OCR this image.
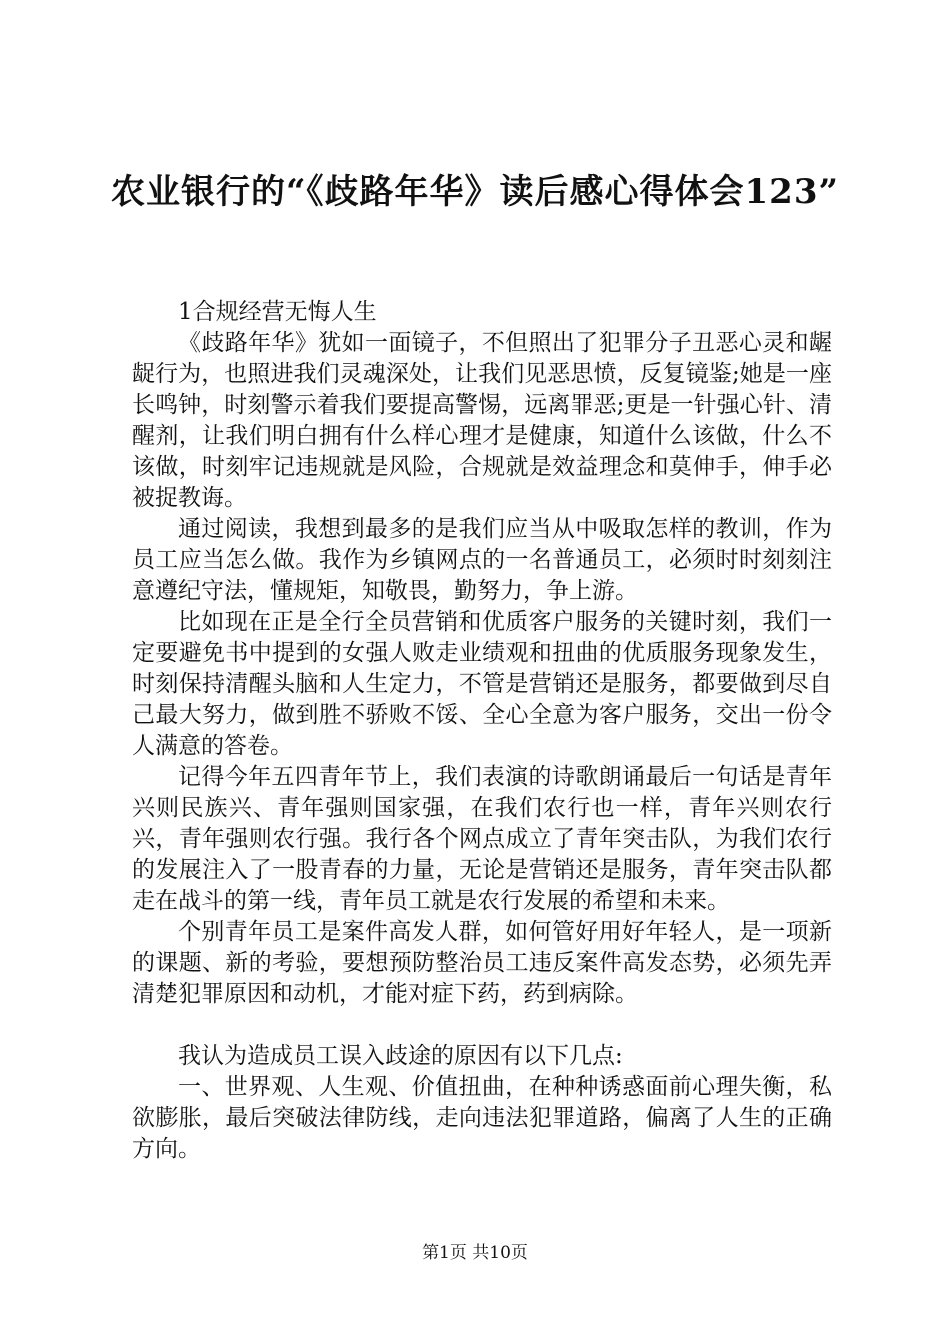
农业银行的“《歧路年华》读后感心得体会123”

1合规经营无悔人生

《歧路年华》犹如一面镜子，不但照出了犯罪分子丑恶心灵和龌龊行为，也照进我们灵魂深处，让我们见恶思愤，反复镜鉴;她是一座长鸣钟，时刻警示着我们要提高警惕，远离罪恶;更是一针强心针、清醒剂，让我们明白拥有什么样心理才是健康，知道什么该做，什么不该做，时刻牢记违规就是风险，合规就是效益理念和莫伸手，伸手必被捉教诲。

通过阅读，我想到最多的是我们应当从中吸取怎样的教训，作为员工应当怎么做。我作为乡镇网点的一名普通员工，必须时时刻刻注意遵纪守法，懂规矩，知敬畏，勤努力，争上游。

比如现在正是全行全员营销和优质客户服务的关键时刻，我们一定要避免书中提到的女强人败走业绩观和扭曲的优质服务现象发生，时刻保持清醒头脑和人生定力，不管是营销还是服务，都要做到尽自己最大努力，做到胜不骄败不馁、全心全意为客户服务，交出一份令人满意的答卷。

记得今年五四青年节上，我们表演的诗歌朗诵最后一句话是青年兴则民族兴、青年强则国家强，在我们农行也一样，青年兴则农行兴，青年强则农行强。我行各个网点成立了青年突击队，为我们农行的发展注入了一股青春的力量，无论是营销还是服务，青年突击队都走在战斗的第一线，青年员工就是农行发展的希望和未来。

个别青年员工是案件高发人群，如何管好用好年轻人，是一项新的课题、新的考验，要想预防整治员工违反案件高发态势，必须先弄清楚犯罪原因和动机，才能对症下药，药到病除。

我认为造成员工误入歧途的原因有以下几点:

一、世界观、人生观、价值扭曲，在种种诱惑面前心理失衡，私欲膨胀，最后突破法律防线，走向违法犯罪道路，偏离了人生的正确方向。

第1页 共10页
